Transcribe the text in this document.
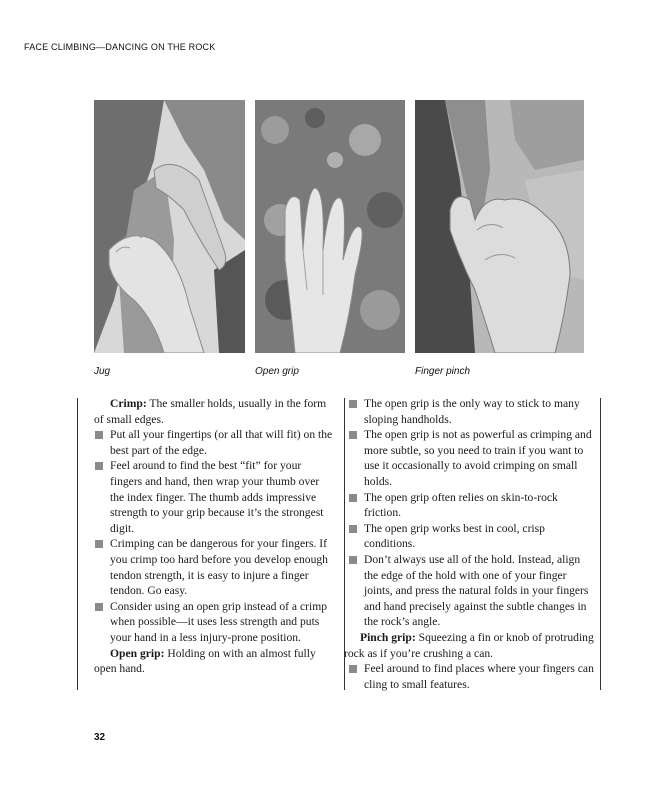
FACE CLIMBING—DANCING ON THE ROCK
Jug	Open grip	Finger pinch

Crimp: The smaller holds, usually in the form of small edges.

Put all your fingertips (or all that will fit) on the best part of the edge.

Feel around to find the best “fit” for your fingers and hand, then wrap your thumb over the index finger. The thumb adds impressive strength to your grip because it’s the strongest digit.

Crimping can be dangerous for your fingers. If you crimp too hard before you develop enough tendon strength, it is easy to injure a finger tendon. Go easy.

Consider using an open grip instead of a crimp when possible—it uses less strength and puts your hand in a less injury-prone position.

Open grip: Holding on with an almost fully open hand.

The open grip is the only way to stick to many sloping handholds.

The open grip is not as powerful as crimping and more subtle, so you need to train if you want to use it occasionally to avoid crimping on small holds.

The open grip often relies on skin-to-rock friction.

The open grip works best in cool, crisp conditions.

Don’t always use all of the hold. Instead, align the edge of the hold with one of your finger joints, and press the natural folds in your fingers and hand precisely against the subtle changes in the rock’s angle.

Pinch grip: Squeezing a fin or knob of protruding rock as if you’re crushing a can.

Feel around to find places where your fingers can cling to small features.

32
